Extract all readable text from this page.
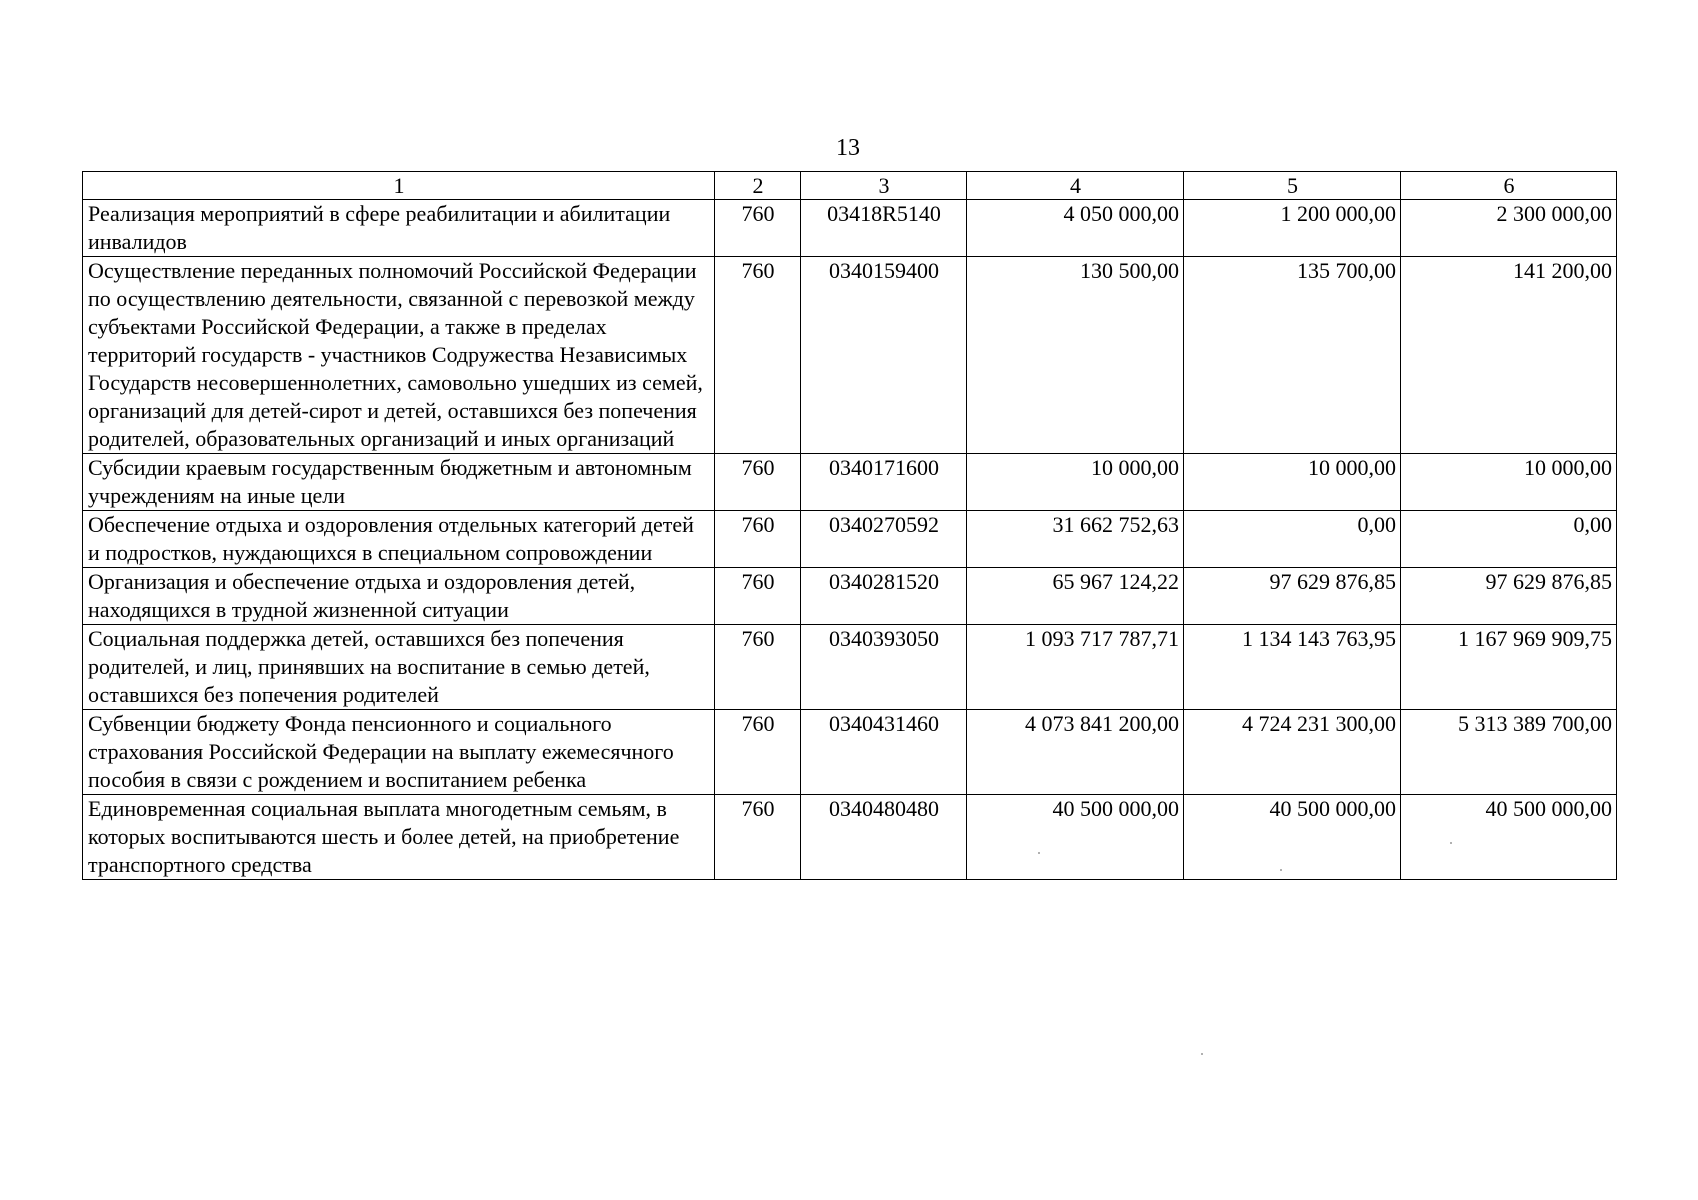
13
1	2	3	4	5	6
Реализация мероприятий в сфере реабилитации и абилитации инвалидов	760	03418R5140	4 050 000,00	1 200 000,00	2 300 000,00
Осуществление переданных полномочий Российской Федерации по осуществлению деятельности, связанной с перевозкой между субъектами Российской Федерации, а также в пределах территорий государств - участников Содружества Независимых Государств несовершеннолетних, самовольно ушедших из семей, организаций для детей-сирот и детей, оставшихся без попечения родителей, образовательных организаций и иных организаций	760	0340159400	130 500,00	135 700,00	141 200,00
Субсидии краевым государственным бюджетным и автономным учреждениям на иные цели	760	0340171600	10 000,00	10 000,00	10 000,00
Обеспечение отдыха и оздоровления отдельных категорий детей и подростков, нуждающихся в специальном сопровождении	760	0340270592	31 662 752,63	0,00	0,00
Организация и обеспечение отдыха и оздоровления детей, находящихся в трудной жизненной ситуации	760	0340281520	65 967 124,22	97 629 876,85	97 629 876,85
Социальная поддержка детей, оставшихся без попечения родителей, и лиц, принявших на воспитание в семью детей, оставшихся без попечения родителей	760	0340393050	1 093 717 787,71	1 134 143 763,95	1 167 969 909,75
Субвенции бюджету Фонда пенсионного и социального страхования Российской Федерации на выплату ежемесячного пособия в связи с рождением и воспитанием ребенка	760	0340431460	4 073 841 200,00	4 724 231 300,00	5 313 389 700,00
Единовременная социальная выплата многодетным семьям, в которых воспитываются шесть и более детей, на приобретение транспортного средства	760	0340480480	40 500 000,00	40 500 000,00	40 500 000,00
